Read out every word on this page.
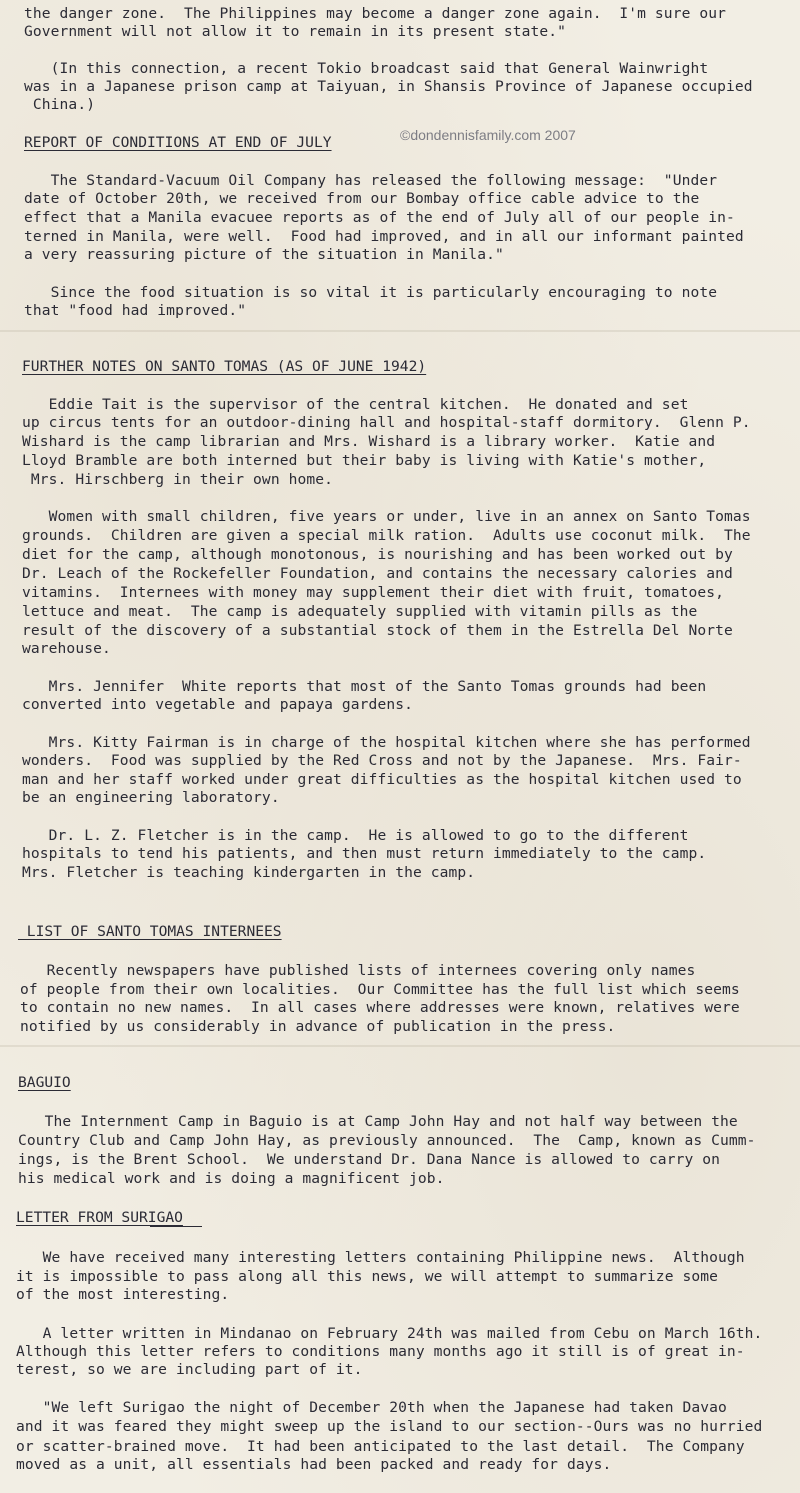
the danger zone.  The Philippines may become a danger zone again.  I'm sure our
Government will not allow it to remain in its present state."
(In this connection, a recent Tokio broadcast said that General Wainwright
was in a Japanese prison camp at Taiyuan, in Shansis Province of Japanese occupied
China.)
REPORT OF CONDITIONS AT END OF JULY	©dondennisfamily.com 2007
The Standard-Vacuum Oil Company has released the following message:  "Under
date of October 20th, we received from our Bombay office cable advice to the
effect that a Manila evacuee reports as of the end of July all of our people in-
terned in Manila, were well.  Food had improved, and in all our informant painted
a very reassuring picture of the situation in Manila."
Since the food situation is so vital it is particularly encouraging to note
that "food had improved."
FURTHER NOTES ON SANTO TOMAS (AS OF JUNE 1942)
Eddie Tait is the supervisor of the central kitchen.  He donated and set
up circus tents for an outdoor-dining hall and hospital-staff dormitory.  Glenn P.
Wishard is the camp librarian and Mrs. Wishard is a library worker.  Katie and
Lloyd Bramble are both interned but their baby is living with Katie's mother,
Mrs. Hirschberg in their own home.
Women with small children, five years or under, live in an annex on Santo Tomas
grounds.  Children are given a special milk ration.  Adults use coconut milk.  The
diet for the camp, although monotonous, is nourishing and has been worked out by
Dr. Leach of the Rockefeller Foundation, and contains the necessary calories and
vitamins.  Internees with money may supplement their diet with fruit, tomatoes,
lettuce and meat.  The camp is adequately supplied with vitamin pills as the
result of the discovery of a substantial stock of them in the Estrella Del Norte
warehouse.
Mrs. Jennifer  White reports that most of the Santo Tomas grounds had been
converted into vegetable and papaya gardens.
Mrs. Kitty Fairman is in charge of the hospital kitchen where she has performed
wonders.  Food was supplied by the Red Cross and not by the Japanese.  Mrs. Fair-
man and her staff worked under great difficulties as the hospital kitchen used to
be an engineering laboratory.
Dr. L. Z. Fletcher is in the camp.  He is allowed to go to the different
hospitals to tend his patients, and then must return immediately to the camp.
Mrs. Fletcher is teaching kindergarten in the camp.
LIST OF SANTO TOMAS INTERNEES
Recently newspapers have published lists of internees covering only names
of people from their own localities.  Our Committee has the full list which seems
to contain no new names.  In all cases where addresses were known, relatives were
notified by us considerably in advance of publication in the press.
BAGUIO
The Internment Camp in Baguio is at Camp John Hay and not half way between the
Country Club and Camp John Hay, as previously announced.  The  Camp, known as Cumm-
ings, is the Brent School.  We understand Dr. Dana Nance is allowed to carry on
his medical work and is doing a magnificent job.
LETTER FROM SURIGAO
We have received many interesting letters containing Philippine news.  Although
it is impossible to pass along all this news, we will attempt to summarize some
of the most interesting.
A letter written in Mindanao on February 24th was mailed from Cebu on March 16th.
Although this letter refers to conditions many months ago it still is of great in-
terest, so we are including part of it.
"We left Surigao the night of December 20th when the Japanese had taken Davao
and it was feared they might sweep up the island to our section--Ours was no hurried
or scatter-brained move.  It had been anticipated to the last detail.  The Company
moved as a unit, all essentials had been packed and ready for days.
